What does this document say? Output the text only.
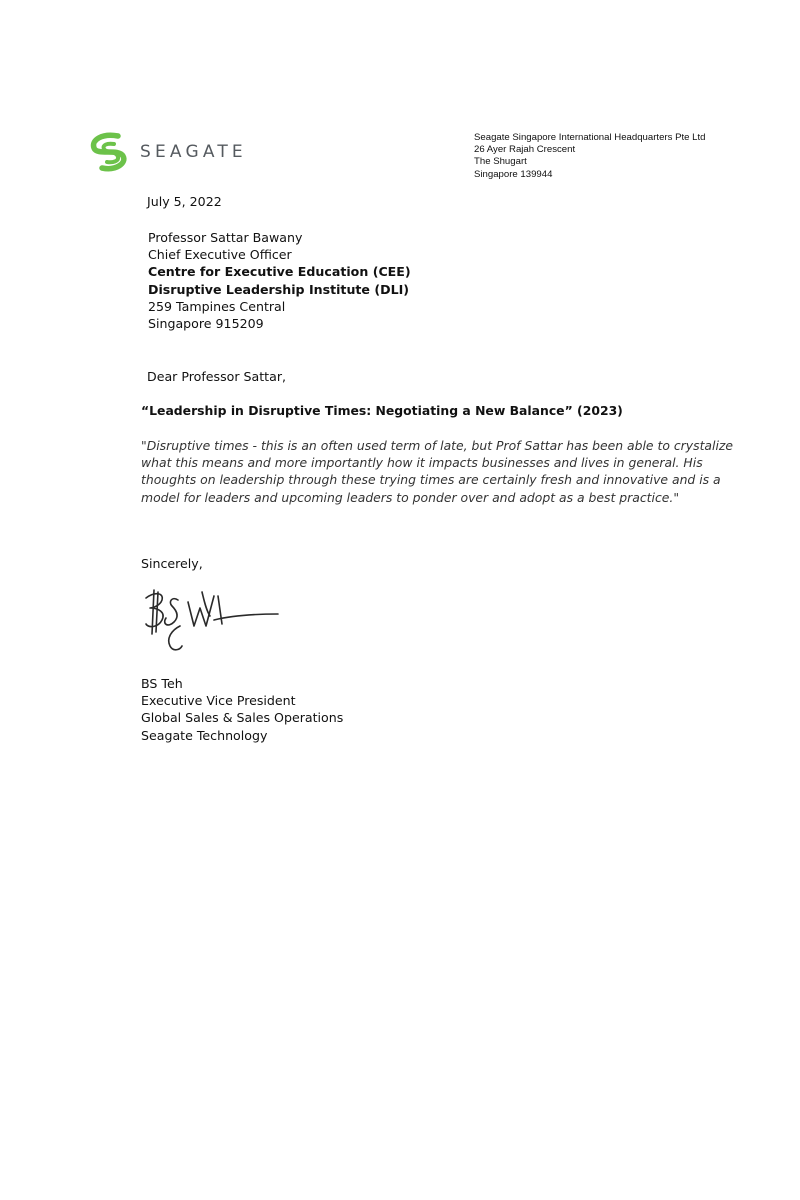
SEAGATE
Seagate Singapore International Headquarters Pte Ltd
26 Ayer Rajah Crescent
The Shugart
Singapore 139944
July 5, 2022
Professor Sattar Bawany
Chief Executive Officer
Centre for Executive Education (CEE)
Disruptive Leadership Institute (DLI)
259 Tampines Central
Singapore 915209
Dear Professor Sattar,
“Leadership in Disruptive Times: Negotiating a New Balance” (2023)
"Disruptive times - this is an often used term of late, but Prof Sattar has been able to crystalize
what this means and more importantly how it impacts businesses and lives in general. His
thoughts on leadership through these trying times are certainly fresh and innovative and is a
model for leaders and upcoming leaders to ponder over and adopt as a best practice."
Sincerely,
BS Teh
Executive Vice President
Global Sales & Sales Operations
Seagate Technology
